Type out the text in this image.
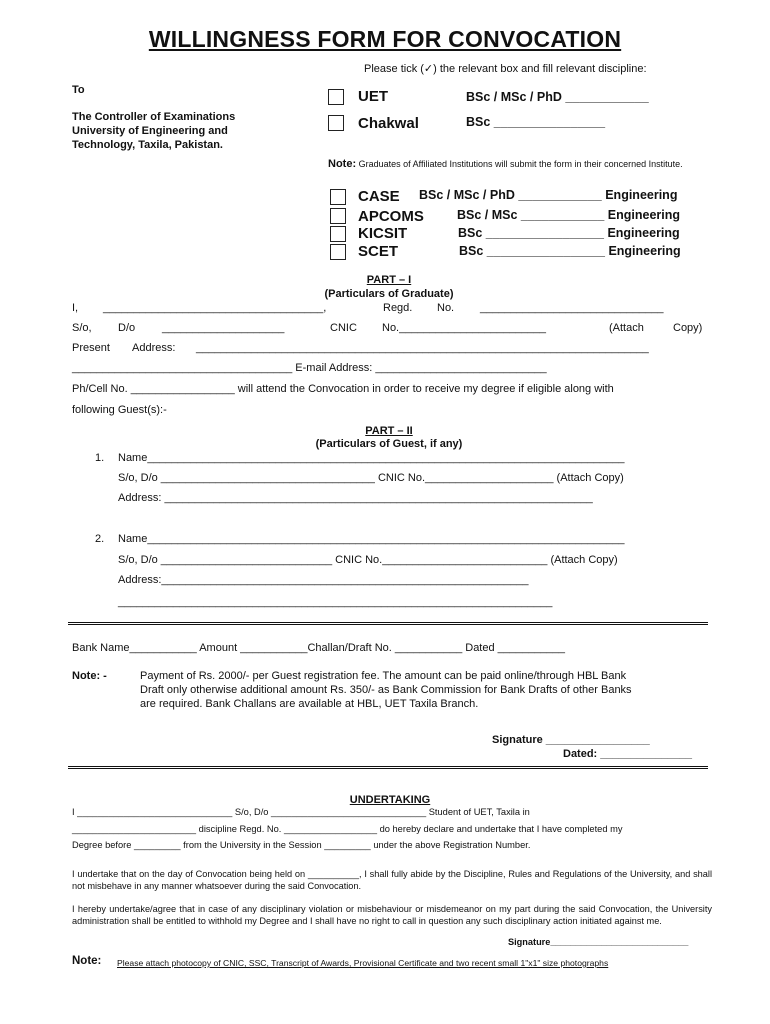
WILLINGNESS FORM FOR CONVOCATION
Please tick (✓) the relevant box and fill relevant discipline:
To
The Controller of Examinations
University of Engineering and
Technology, Taxila, Pakistan.
UET	BSc / MSc / PhD ____________
Chakwal	BSc ________________
Note: Graduates of Affiliated Institutions will submit the form in their concerned Institute.
CASE BSc / MSc / PhD ____________ Engineering
APCOMS	BSc / MSc ____________ Engineering
KICSIT	BSc _________________ Engineering
SCET	BSc _________________ Engineering
PART – I
(Particulars of Graduate)
I, ____________________________________,	Regd. No. ______________________________
S/o, D/o ____________________	CNIC No.________________________	(Attach	Copy)
Present Address: __________________________________________________________________________
____________________________________ E-mail Address: ____________________________
Ph/Cell No. _________________ will attend the Convocation in order to receive my degree if eligible along with
following Guest(s):-
PART – II
(Particulars of Guest, if any)
1. Name______________________________________________________________________________
S/o, D/o ___________________________________ CNIC No._____________________ (Attach Copy)
Address: ______________________________________________________________________
2. Name______________________________________________________________________________
S/o, D/o ____________________________ CNIC No.___________________________ (Attach Copy)
Address:____________________________________________________________
_______________________________________________________________________
Bank Name___________ Amount ___________Challan/Draft No. ___________ Dated ___________
Note: -	Payment of Rs. 2000/- per Guest registration fee. The amount can be paid online/through HBL Bank
Draft only otherwise additional amount Rs. 350/- as Bank Commission for Bank Drafts of other Banks
are required. Bank Challans are available at HBL, UET Taxila Branch.
Signature _________________
Dated: _______________
UNDERTAKING
I ______________________________ S/o, D/o ______________________________ Student of UET, Taxila in
________________________ discipline Regd. No. __________________ do hereby declare and undertake that I have completed my
Degree before _________ from the University in the Session _________ under the above Registration Number.
I undertake that on the day of Convocation being held on __________, I shall fully abide by the Discipline, Rules and Regulations of the University, and shall not misbehave in any manner whatsoever during the said Convocation.
I hereby undertake/agree that in case of any disciplinary violation or misbehaviour or misdemeanor on my part during the said Convocation, the University administration shall be entitled to withhold my Degree and I shall have no right to call in question any such disciplinary action initiated against me.
Signature___________________________
Note: Please attach photocopy of CNIC, SSC, Transcript of Awards, Provisional Certificate and two recent small 1"x1" size photographs
